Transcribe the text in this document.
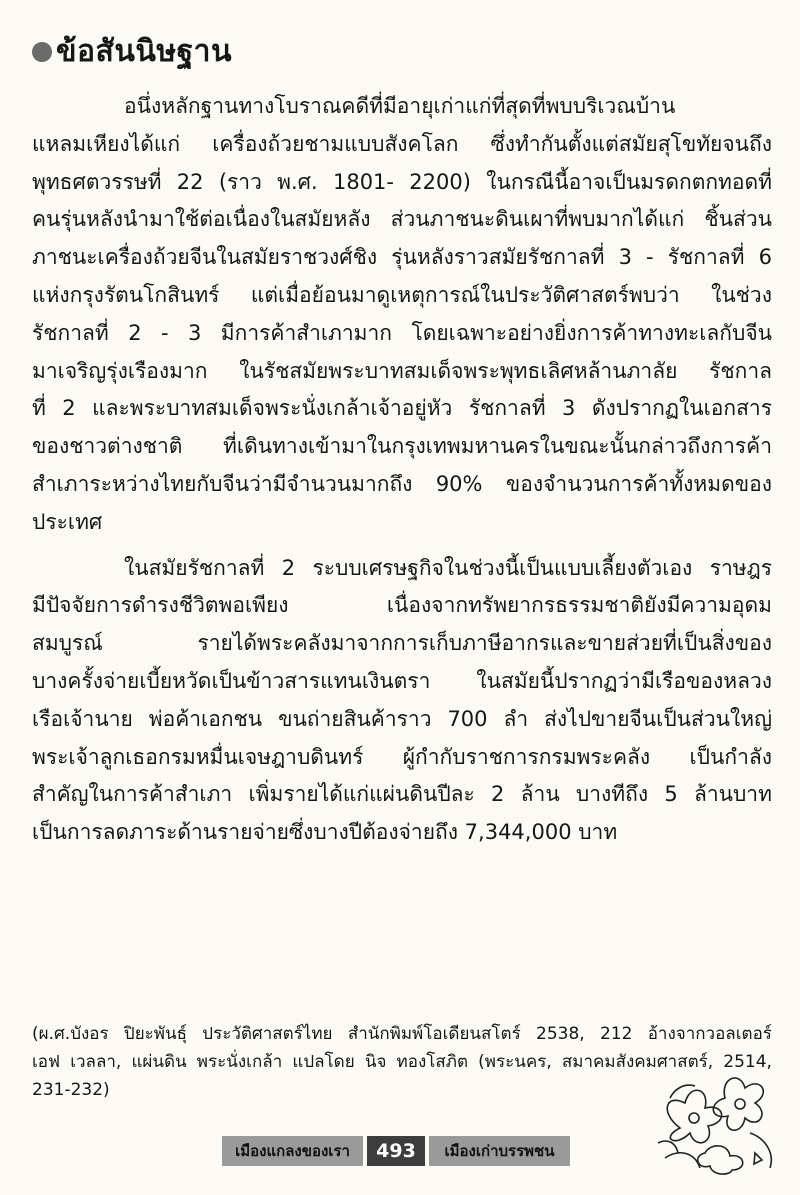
ข้อสันนิษฐาน
อนึ่งหลักฐานทางโบราณคดีที่มีอายุเก่าแก่ที่สุดที่พบบริเวณบ้าน
แหลมเหียงได้แก่ เครื่องถ้วยชามแบบสังคโลก ซึ่งทำกันตั้งแต่สมัยสุโขทัยจนถึง
พุทธศตวรรษที่ 22 (ราว พ.ศ. 1801- 2200) ในกรณีนี้อาจเป็นมรดกตกทอดที่
คนรุ่นหลังนำมาใช้ต่อเนื่องในสมัยหลัง ส่วนภาชนะดินเผาที่พบมากได้แก่ ชิ้นส่วน
ภาชนะเครื่องถ้วยจีนในสมัยราชวงศ์ชิง รุ่นหลังราวสมัยรัชกาลที่ 3 - รัชกาลที่ 6
แห่งกรุงรัตนโกสินทร์ แต่เมื่อย้อนมาดูเหตุการณ์ในประวัติศาสตร์พบว่า ในช่วง
รัชกาลที่ 2 - 3 มีการค้าสำเภามาก โดยเฉพาะอย่างยิ่งการค้าทางทะเลกับจีน
มาเจริญรุ่งเรืองมาก ในรัชสมัยพระบาทสมเด็จพระพุทธเลิศหล้านภาลัย รัชกาล
ที่ 2 และพระบาทสมเด็จพระนั่งเกล้าเจ้าอยู่หัว รัชกาลที่ 3 ดังปรากฏในเอกสาร
ของชาวต่างชาติ ที่เดินทางเข้ามาในกรุงเทพมหานครในขณะนั้นกล่าวถึงการค้า
สำเภาระหว่างไทยกับจีนว่ามีจำนวนมากถึง 90% ของจำนวนการค้าทั้งหมดของ
ประเทศ
ในสมัยรัชกาลที่ 2 ระบบเศรษฐกิจในช่วงนี้เป็นแบบเลี้ยงตัวเอง ราษฎร
มีปัจจัยการดำรงชีวิตพอเพียง	เนื่องจากทรัพยากรธรรมชาติยังมีความอุดม
สมบูรณ์	รายได้พระคลังมาจากการเก็บภาษีอากรและขายส่วยที่เป็นสิ่งของ
บางครั้งจ่ายเบี้ยหวัดเป็นข้าวสารแทนเงินตรา ในสมัยนี้ปรากฏว่ามีเรือของหลวง
เรือเจ้านาย พ่อค้าเอกชน ขนถ่ายสินค้าราว 700 ลำ ส่งไปขายจีนเป็นส่วนใหญ่
พระเจ้าลูกเธอกรมหมื่นเจษฎาบดินทร์ ผู้กำกับราชการกรมพระคลัง เป็นกำลัง
สำคัญในการค้าสำเภา เพิ่มรายได้แก่แผ่นดินปีละ 2 ล้าน บางทีถึง 5 ล้านบาท
เป็นการลดภาระด้านรายจ่ายซึ่งบางปีต้องจ่ายถึง 7,344,000 บาท
(ผ.ศ.บังอร ปิยะพันธุ์ ประวัติศาสตร์ไทย สำนักพิมพ์โอเดียนสโตร์ 2538, 212 อ้างจากวอลเตอร์
เอฟ เวลลา, แผ่นดิน พระนั่งเกล้า แปลโดย นิจ ทองโสภิต (พระนคร, สมาคมสังคมศาสตร์, 2514,
231-232)
เมืองแกลงของเรา	493	เมืองเก่าบรรพชน
